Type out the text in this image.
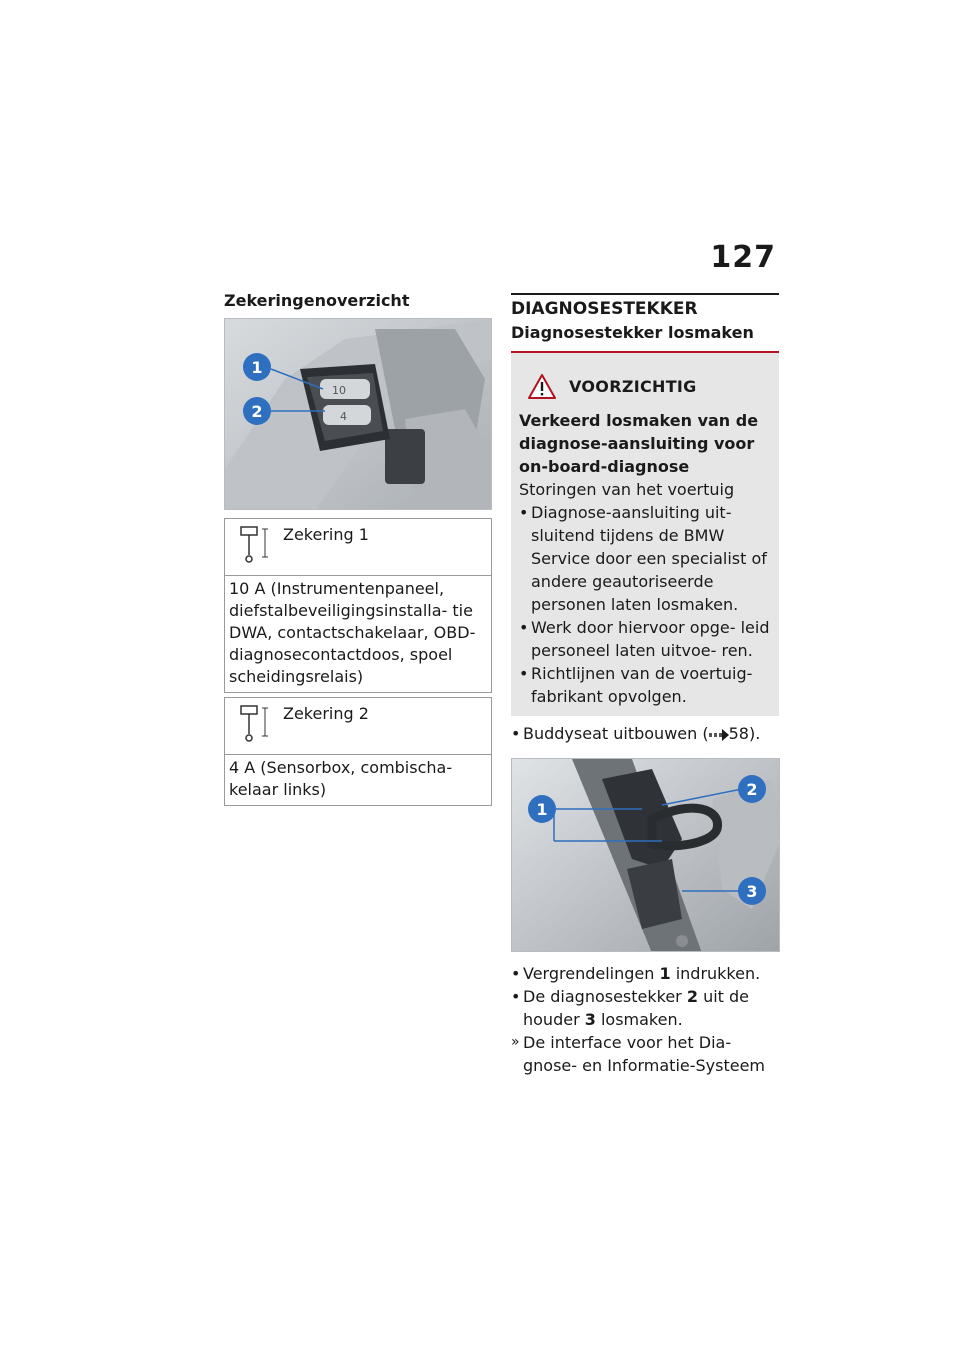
127
Zekeringenoverzicht
10
4
1
2
Zekering 1
10 A (Instrumentenpaneel, diefstalbeveiligingsinstalla- tie DWA, contactschakelaar, OBD-diagnosecontactdoos, spoel scheidingsrelais)
Zekering 2
4 A (Sensorbox, combischa- kelaar links)
DIAGNOSESTEKKER
Diagnosestekker losmaken
VOORZICHTIG
Verkeerd losmaken van de
diagnose-aansluiting voor
on-board-diagnose
Storingen van het voertuig
• Diagnose-aansluiting uit- sluitend tijdens de BMW Service door een specialist of andere geautoriseerde personen laten losmaken.
• Werk door hiervoor opge- leid personeel laten uitvoe- ren.
• Richtlijnen van de voertuig- fabrikant opvolgen.
• Buddyseat uitbouwen ( 58).
1
2
3
• Vergrendelingen 1 indrukken.
• De diagnosestekker 2 uit de houder 3 losmaken.
» De interface voor het Dia- gnose- en Informatie-Systeem
